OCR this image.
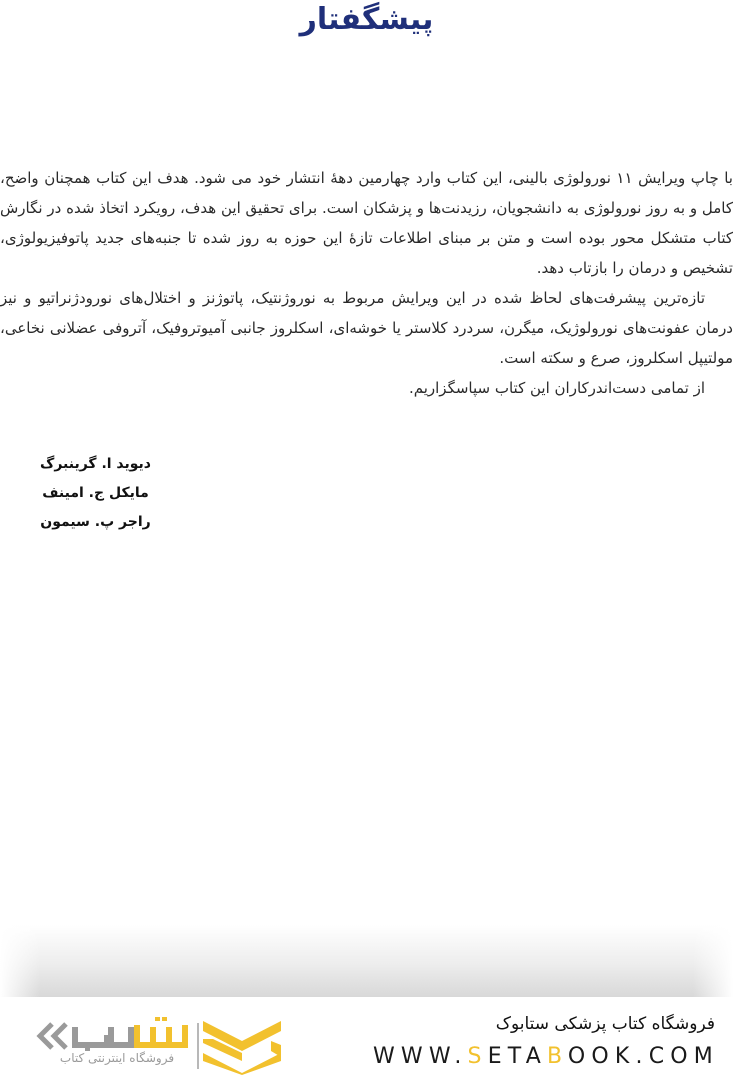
پیشگفتار

با چاپ ویرایش ۱۱ نورولوژی بالینی، این کتاب وارد چهارمین دهۀ انتشار خود می شود. هدف این کتاب همچنان واضح، کامل و به روز نورولوژی به دانشجویان، رزیدنت‌ها و پزشکان است. برای تحقیق این هدف، رویکرد اتخاذ شده در نگارش کتاب متشکل محور بوده است و متن بر مبنای اطلاعات تازۀ این حوزه به روز شده تا جنبه‌های جدید پاتوفیزیولوژی، تشخیص و درمان را بازتاب دهد.

تازه‌ترین پیشرفت‌های لحاظ شده در این ویرایش مربوط به نوروژنتیک، پاتوژنز و اختلال‌های نورودژنراتیو و نیز درمان عفونت‌های نورولوژیک، میگرن، سردرد کلاستر یا خوشه‌ای، اسکلروز جانبی آمیوتروفیک، آتروفی عضلانی نخاعی، مولتیپل اسکلروز، صرع و سکته است.

از تمامی دست‌اندرکاران این کتاب سپاسگزاریم.

دیوید ا. گرینبرگ
مایکل ج. امینف
راجر پ. سیمون
فروشگاه اینترنتی کتاب
فروشگاه کتاب پزشکی ستابوک
WWW.SETABOOK.COM
